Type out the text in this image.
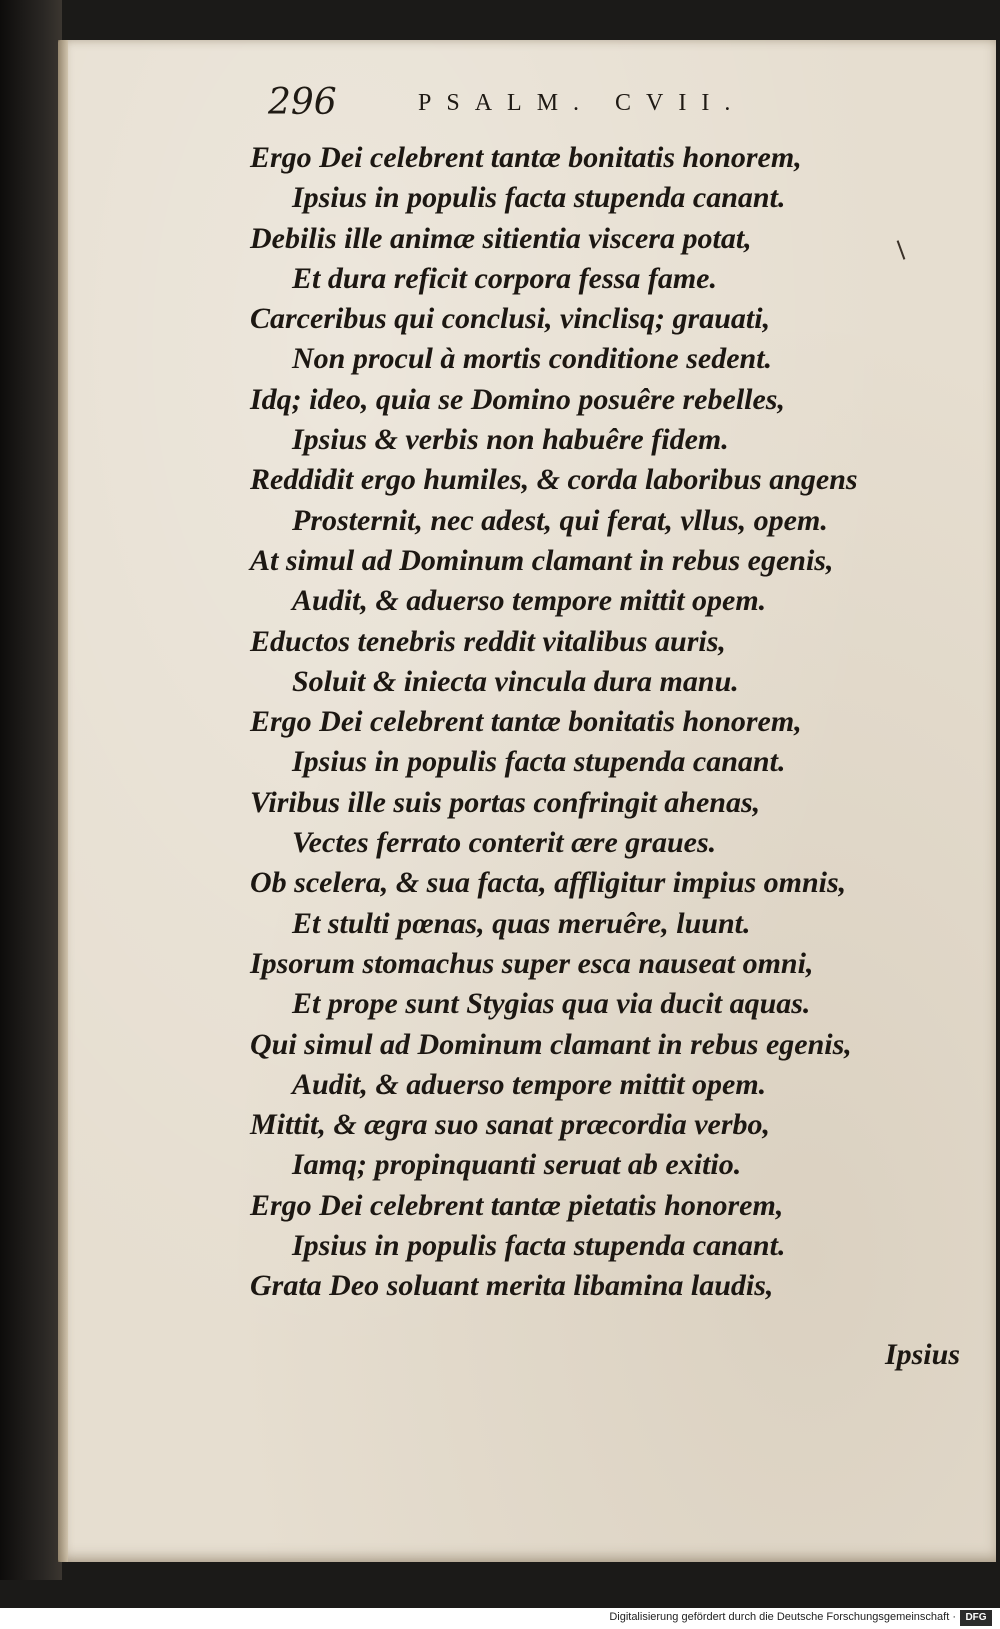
296	PSALM. CVII.
Ergo Dei celebrent tantæ bonitatis honorem,
Ipsius in populis facta stupenda canant.
Debilis ille animæ sitientia viscera potat,
Et dura reficit corpora fessa fame.
Carceribus qui conclusi, vinclisq; grauati,
Non procul à mortis conditione sedent.
Idq; ideo, quia se Domino posuêre rebelles,
Ipsius & verbis non habuêre fidem.
Reddidit ergo humiles, & corda laboribus angens
Prosternit, nec adest, qui ferat, vllus, opem.
At simul ad Dominum clamant in rebus egenis,
Audit, & aduerso tempore mittit opem.
Eductos tenebris reddit vitalibus auris,
Soluit & iniecta vincula dura manu.
Ergo Dei celebrent tantæ bonitatis honorem,
Ipsius in populis facta stupenda canant.
Viribus ille suis portas confringit ahenas,
Vectes ferrato conterit ære graues.
Ob scelera, & sua facta, affligitur impius omnis,
Et stulti pœnas, quas meruêre, luunt.
Ipsorum stomachus super esca nauseat omni,
Et prope sunt Stygias qua via ducit aquas.
Qui simul ad Dominum clamant in rebus egenis,
Audit, & aduerso tempore mittit opem.
Mittit, & ægra suo sanat præcordia verbo,
Iamq; propinquanti seruat ab exitio.
Ergo Dei celebrent tantæ pietatis honorem,
Ipsius in populis facta stupenda canant.
Grata Deo soluant merita libamina laudis,
Ipsius
Digitalisierung gefördert durch die Deutsche Forschungsgemeinschaft · DFG
